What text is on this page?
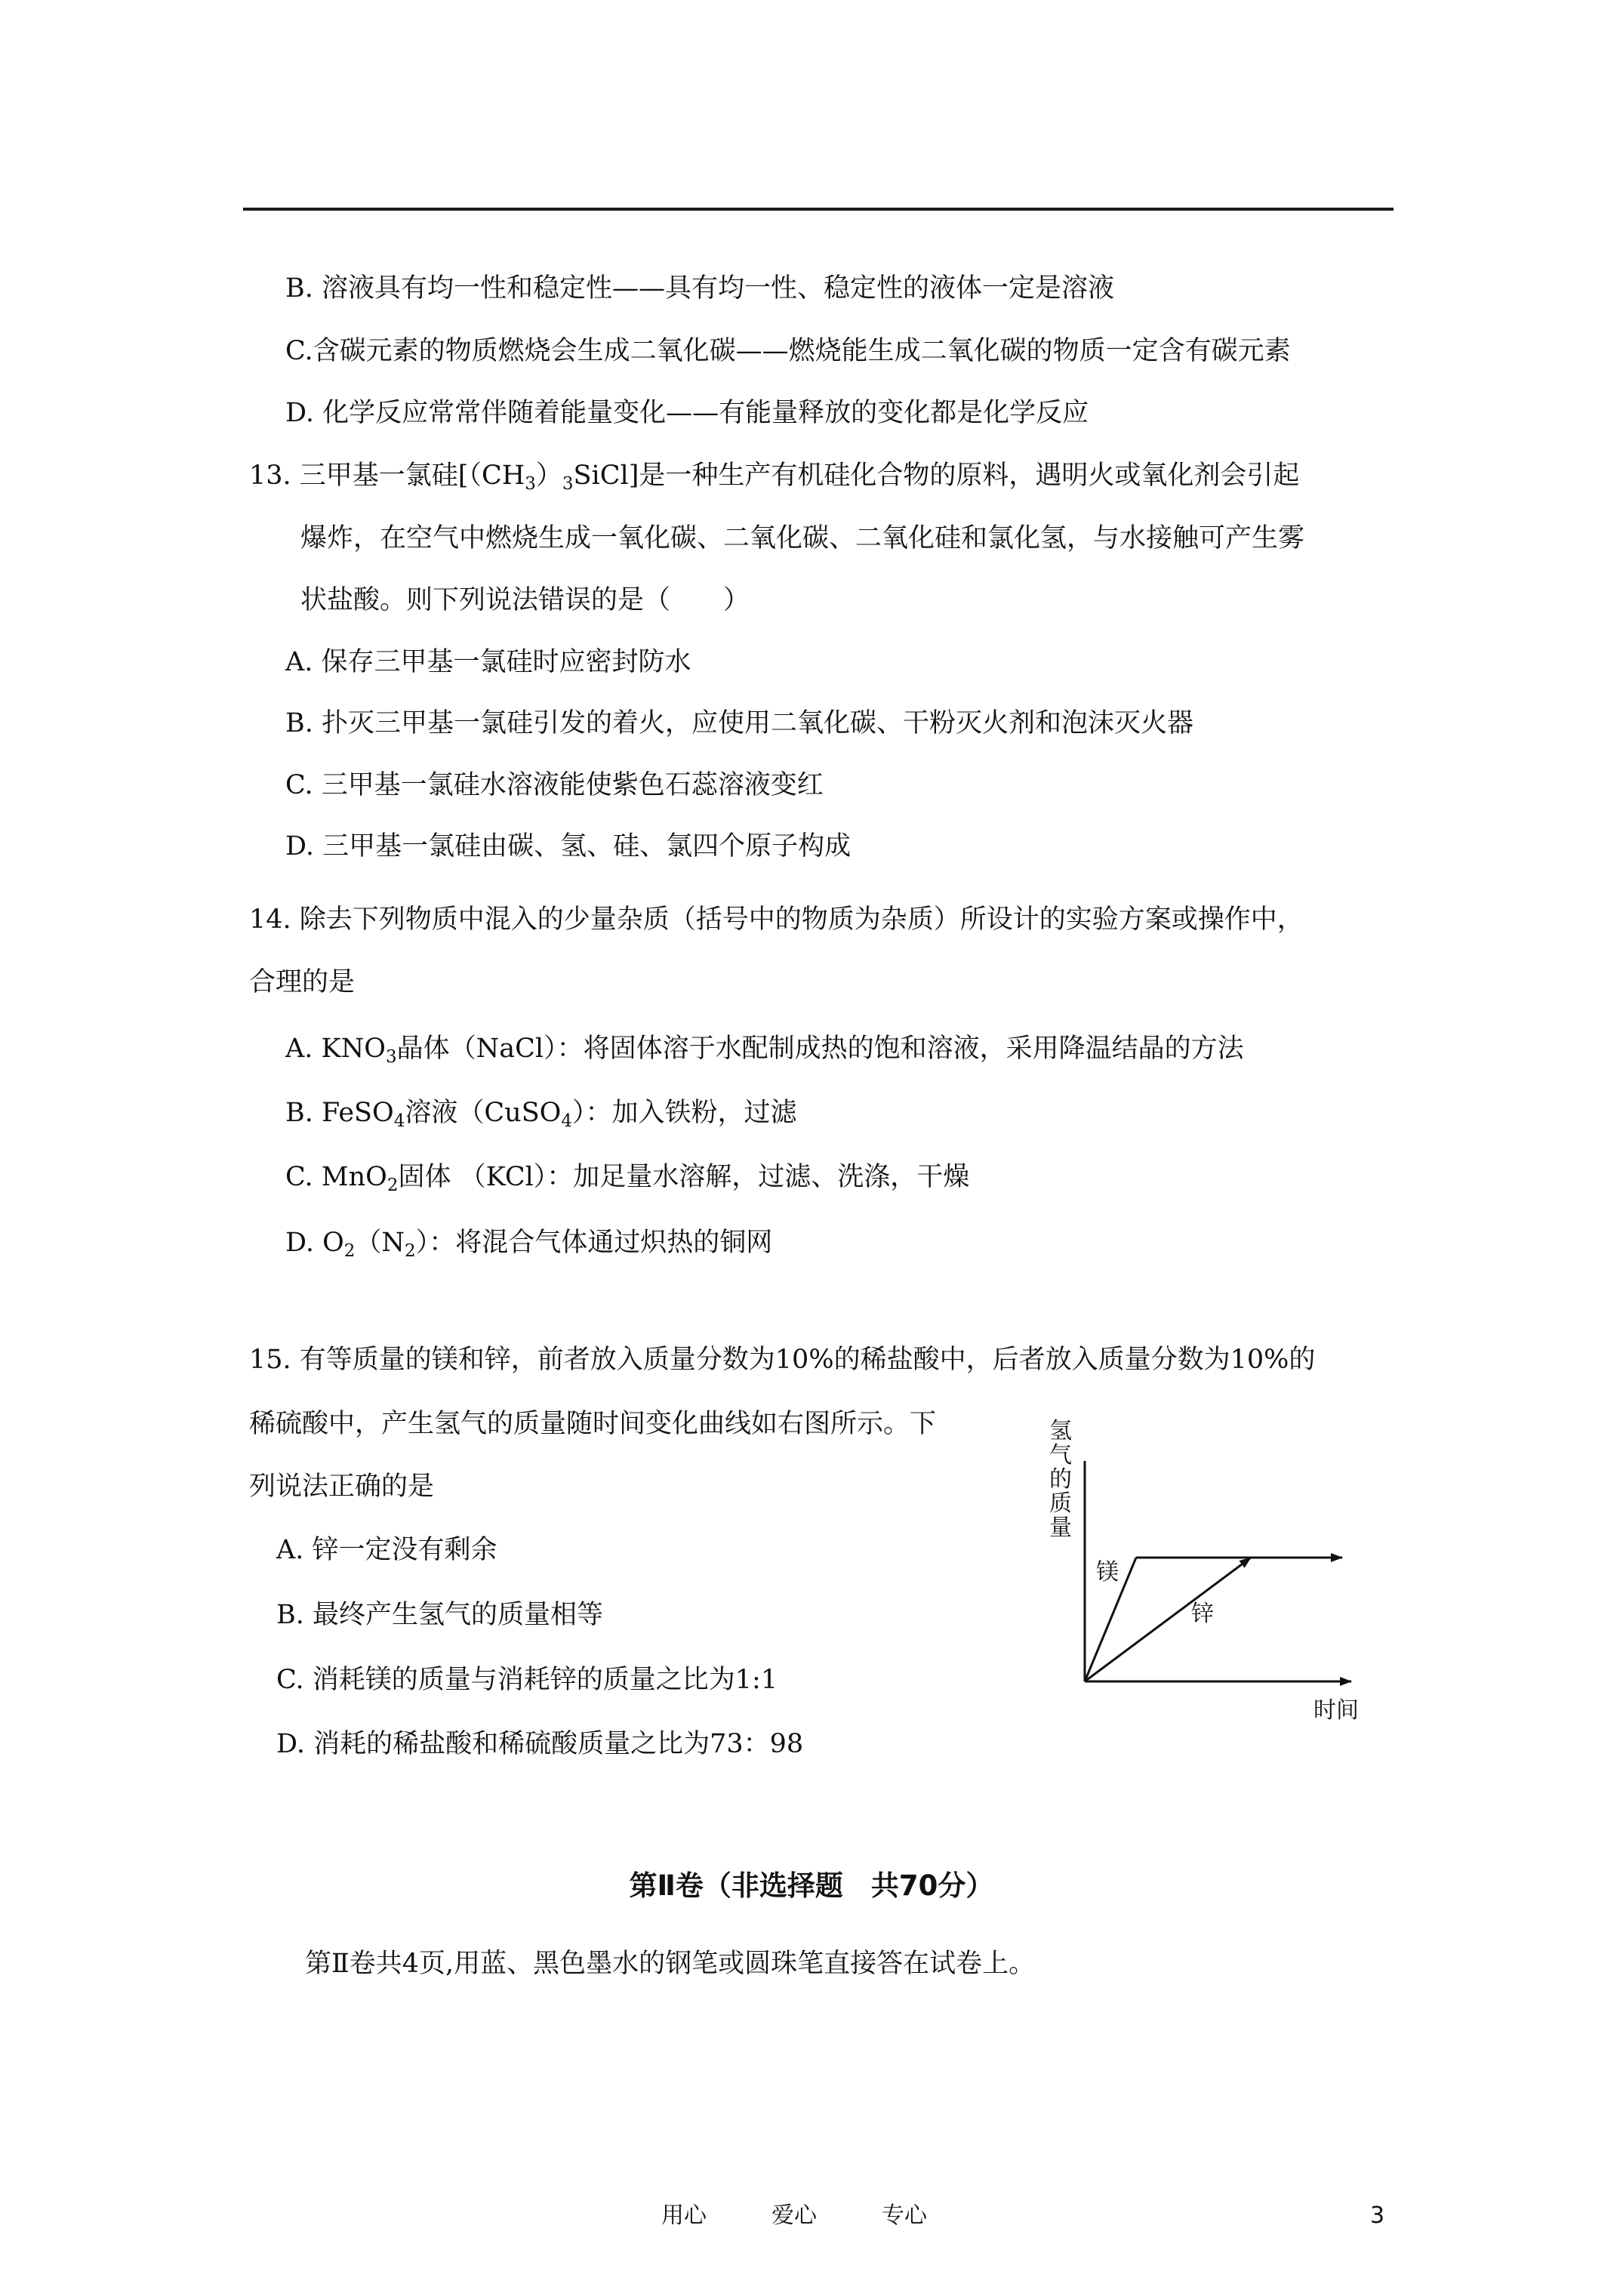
B. 溶液具有均一性和稳定性——具有均一性、稳定性的液体一定是溶液
C.含碳元素的物质燃烧会生成二氧化碳——燃烧能生成二氧化碳的物质一定含有碳元素
D. 化学反应常常伴随着能量变化——有能量释放的变化都是化学反应
13. 三甲基一氯硅$[(CH_3)_3SiCl]$是一种生产有机硅化合物的原料，遇明火或氧化剂会引起
爆炸，在空气中燃烧生成一氧化碳、二氧化碳、二氧化硅和氯化氢，与水接触可产生雾
状盐酸。则下列说法错误的是（　　）
A. 保存三甲基一氯硅时应密封防水
B. 扑灭三甲基一氯硅引发的着火，应使用二氧化碳、干粉灭火剂和泡沫灭火器
C. 三甲基一氯硅水溶液能使紫色石蕊溶液变红
D. 三甲基一氯硅由碳、氢、硅、氯四个原子构成
14. 除去下列物质中混入的少量杂质（括号中的物质为杂质）所设计的实验方案或操作中，
合理的是
A. $KNO_3$晶体（NaCl）：将固体溶于水配制成热的饱和溶液，采用降温结晶的方法
B. FeSO$_4$溶液（CuSO$_4$）：加入铁粉，过滤
C. MnO$_2$固体 （KCl）：加足量水溶解，过滤、洗涤，干燥
D. $O_2(N_2)$：将混合气体通过炽热的铜网
15. 有等质量的镁和锌，前者放入质量分数为10%的稀盐酸中，后者放入质量分数为10%的
稀硫酸中，产生氢气的质量随时间变化曲线如右图所示。下
列说法正确的是
A. 锌一定没有剩余
B. 最终产生氢气的质量相等
C. 消耗镁的质量与消耗锌的质量之比为1:1
D. 消耗的稀盐酸和稀硫酸质量之比为73：98
氢
气
的
质
量
镁
锌
时间
第Ⅱ卷（非选择题　共70分）
第Ⅱ卷共4页,用蓝、黑色墨水的钢笔或圆珠笔直接答在试卷上。
用心	爱心	专心	3
